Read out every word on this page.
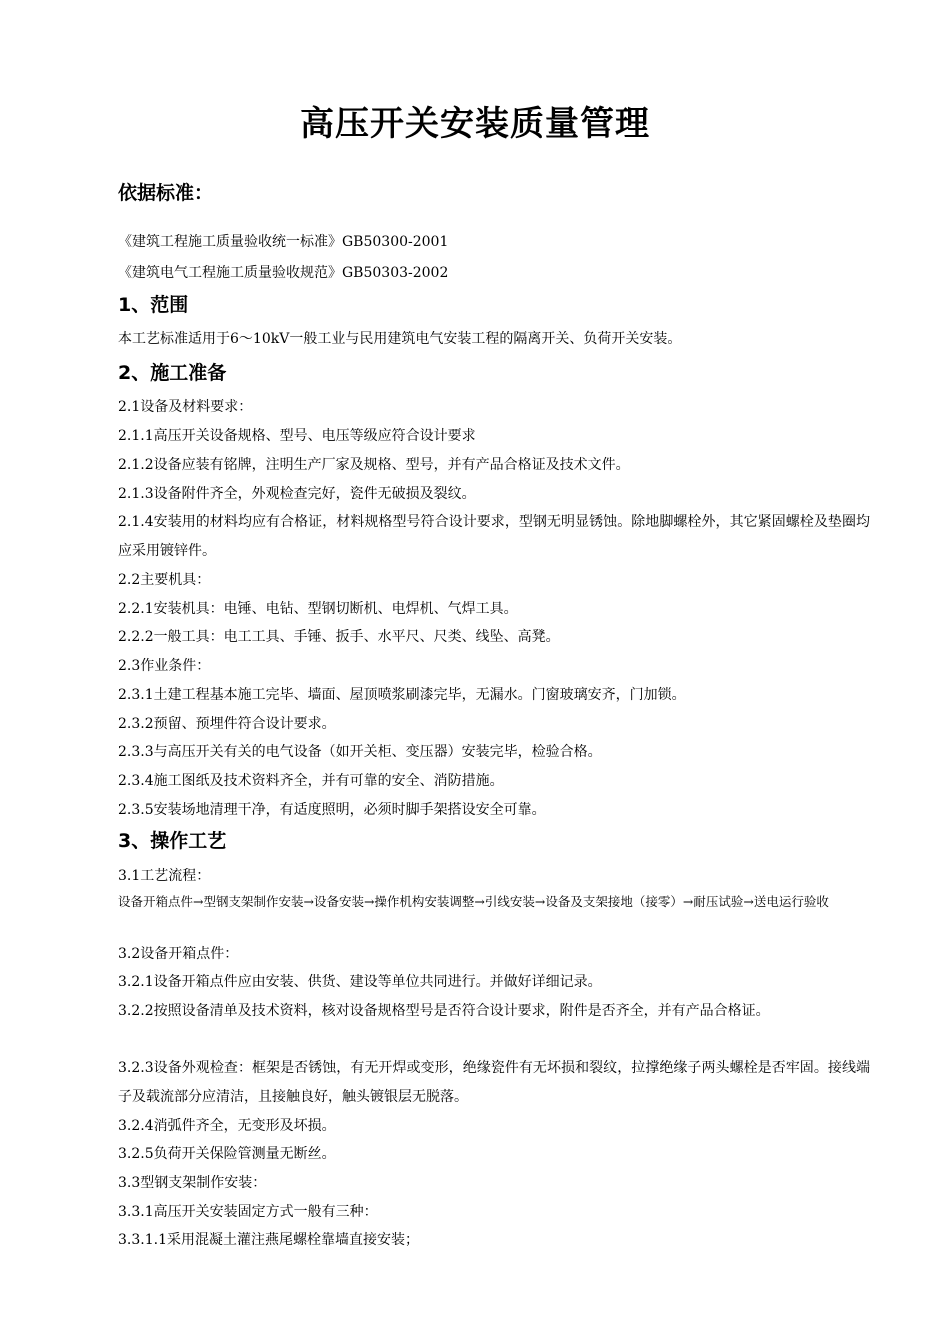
高压开关安装质量管理
依据标准：
《建筑工程施工质量验收统一标准》GB50300-2001
《建筑电气工程施工质量验收规范》GB50303-2002
1、范围
本工艺标准适用于6～10kV一般工业与民用建筑电气安装工程的隔离开关、负荷开关安装。
2、施工准备
2.1设备及材料要求：
2.1.1高压开关设备规格、型号、电压等级应符合设计要求
2.1.2设备应装有铭牌，注明生产厂家及规格、型号，并有产品合格证及技术文件。
2.1.3设备附件齐全，外观检查完好，瓷件无破损及裂纹。
2.1.4安装用的材料均应有合格证，材料规格型号符合设计要求，型钢无明显锈蚀。除地脚螺栓外，其它紧固螺栓及垫圈均应采用镀锌件。
2.2主要机具：
2.2.1安装机具：电锤、电钻、型钢切断机、电焊机、气焊工具。
2.2.2一般工具：电工工具、手锤、扳手、水平尺、尺类、线坠、高凳。
2.3作业条件：
2.3.1土建工程基本施工完毕、墙面、屋顶喷浆刷漆完毕，无漏水。门窗玻璃安齐，门加锁。
2.3.2预留、预埋件符合设计要求。
2.3.3与高压开关有关的电气设备（如开关柜、变压器）安装完毕，检验合格。
2.3.4施工图纸及技术资料齐全，并有可靠的安全、消防措施。
2.3.5安装场地清理干净，有适度照明，必须时脚手架搭设安全可靠。
3、操作工艺
3.1工艺流程：
设备开箱点件→型钢支架制作安装→设备安装→操作机构安装调整→引线安装→设备及支架接地（接零）→耐压试验→送电运行验收
3.2设备开箱点件：
3.2.1设备开箱点件应由安装、供货、建设等单位共同进行。并做好详细记录。
3.2.2按照设备清单及技术资料，核对设备规格型号是否符合设计要求，附件是否齐全，并有产品合格证。
3.2.3设备外观检查：框架是否锈蚀，有无开焊或变形，绝缘瓷件有无坏损和裂纹，拉撑绝缘子两头螺栓是否牢固。接线端子及载流部分应清洁，且接触良好，触头镀银层无脱落。
3.2.4消弧件齐全，无变形及坏损。
3.2.5负荷开关保险管测量无断丝。
3.3型钢支架制作安装：
3.3.1高压开关安装固定方式一般有三种：
3.3.1.1采用混凝土灌注燕尾螺栓靠墙直接安装；
